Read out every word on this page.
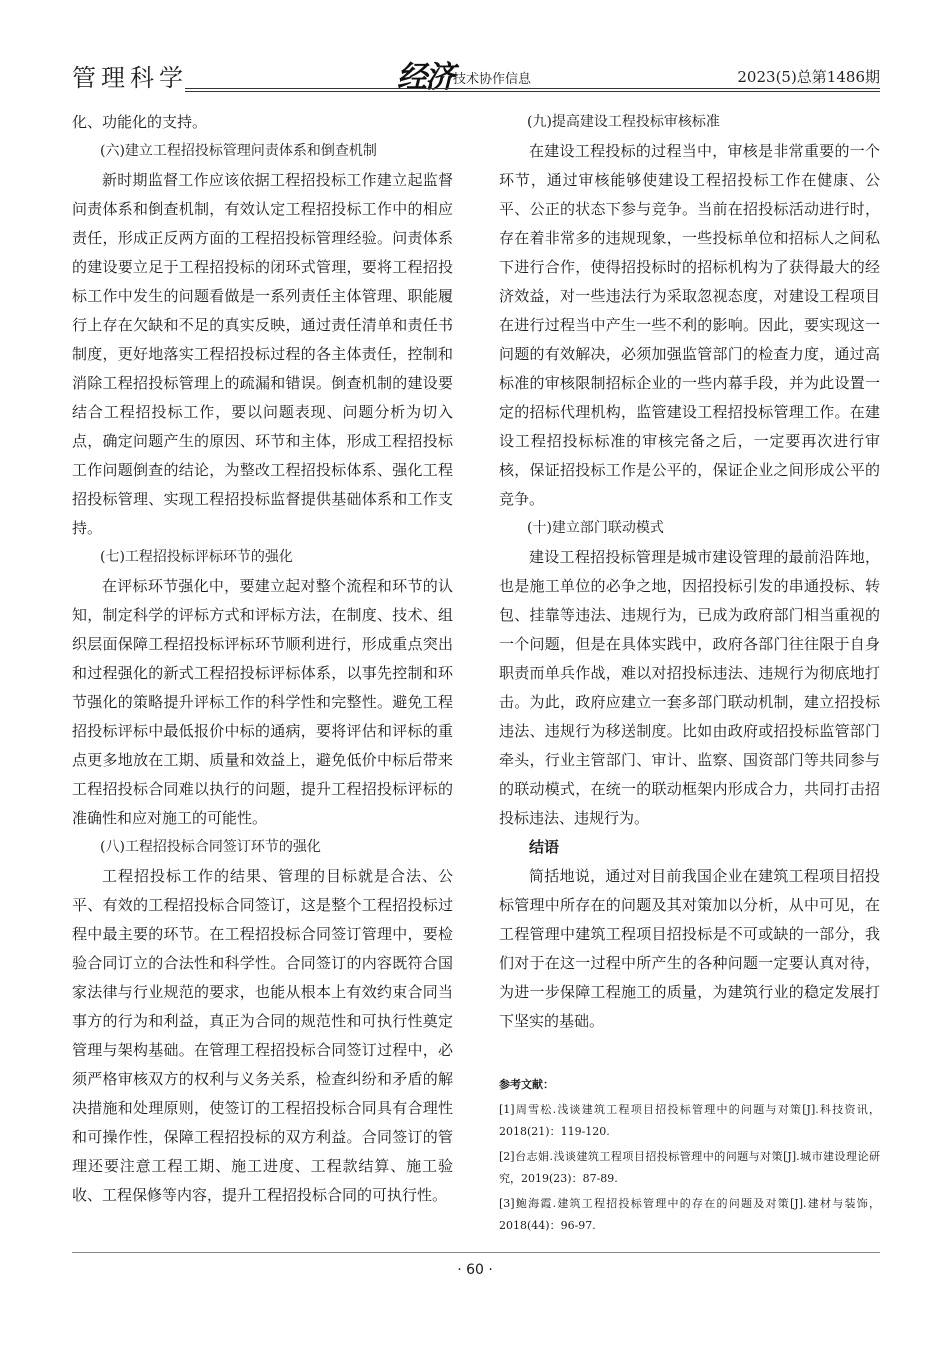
管理科学	经济 技术协作信息	2023(5)总第1486期

化、功能化的支持。

(六)建立工程招投标管理问责体系和倒查机制

新时期监督工作应该依据工程招投标工作建立起监督问责体系和倒查机制，有效认定工程招投标工作中的相应责任，形成正反两方面的工程招投标管理经验。问责体系的建设要立足于工程招投标的闭环式管理，要将工程招投标工作中发生的问题看做是一系列责任主体管理、职能履行上存在欠缺和不足的真实反映，通过责任清单和责任书制度，更好地落实工程招投标过程的各主体责任，控制和消除工程招投标管理上的疏漏和错误。倒查机制的建设要结合工程招投标工作，要以问题表现、问题分析为切入点，确定问题产生的原因、环节和主体，形成工程招投标工作问题倒查的结论，为整改工程招投标体系、强化工程招投标管理、实现工程招投标监督提供基础体系和工作支持。

(七)工程招投标评标环节的强化

在评标环节强化中，要建立起对整个流程和环节的认知，制定科学的评标方式和评标方法，在制度、技术、组织层面保障工程招投标评标环节顺利进行，形成重点突出和过程强化的新式工程招投标评标体系，以事先控制和环节强化的策略提升评标工作的科学性和完整性。避免工程招投标评标中最低报价中标的通病，要将评估和评标的重点更多地放在工期、质量和效益上，避免低价中标后带来工程招投标合同难以执行的问题，提升工程招投标评标的准确性和应对施工的可能性。

(八)工程招投标合同签订环节的强化

工程招投标工作的结果、管理的目标就是合法、公平、有效的工程招投标合同签订，这是整个工程招投标过程中最主要的环节。在工程招投标合同签订管理中，要检验合同订立的合法性和科学性。合同签订的内容既符合国家法律与行业规范的要求，也能从根本上有效约束合同当事方的行为和利益，真正为合同的规范性和可执行性奠定管理与架构基础。在管理工程招投标合同签订过程中，必须严格审核双方的权利与义务关系，检查纠纷和矛盾的解决措施和处理原则，使签订的工程招投标合同具有合理性和可操作性，保障工程招投标的双方利益。合同签订的管理还要注意工程工期、施工进度、工程款结算、施工验收、工程保修等内容，提升工程招投标合同的可执行性。

(九)提高建设工程投标审核标准

在建设工程投标的过程当中，审核是非常重要的一个环节，通过审核能够使建设工程招投标工作在健康、公平、公正的状态下参与竞争。当前在招投标活动进行时，存在着非常多的违规现象，一些投标单位和招标人之间私下进行合作，使得招投标时的招标机构为了获得最大的经济效益，对一些违法行为采取忽视态度，对建设工程项目在进行过程当中产生一些不利的影响。因此，要实现这一问题的有效解决，必须加强监管部门的检查力度，通过高标准的审核限制招标企业的一些内幕手段，并为此设置一定的招标代理机构，监管建设工程招投标管理工作。在建设工程招投标标准的审核完备之后，一定要再次进行审核，保证招投标工作是公平的，保证企业之间形成公平的竞争。

(十)建立部门联动模式

建设工程招投标管理是城市建设管理的最前沿阵地，也是施工单位的必争之地，因招投标引发的串通投标、转包、挂靠等违法、违规行为，已成为政府部门相当重视的一个问题，但是在具体实践中，政府各部门往往限于自身职责而单兵作战，难以对招投标违法、违规行为彻底地打击。为此，政府应建立一套多部门联动机制，建立招投标违法、违规行为移送制度。比如由政府或招投标监管部门牵头，行业主管部门、审计、监察、国资部门等共同参与的联动模式，在统一的联动框架内形成合力，共同打击招投标违法、违规行为。

结语

简括地说，通过对目前我国企业在建筑工程项目招投标管理中所存在的问题及其对策加以分析，从中可见，在工程管理中建筑工程项目招投标是不可或缺的一部分，我们对于在这一过程中所产生的各种问题一定要认真对待，为进一步保障工程施工的质量，为建筑行业的稳定发展打下坚实的基础。

参考文献：

[1]周雪松.浅谈建筑工程项目招投标管理中的问题与对策[J].科技资讯，2018(21)：119-120.

[2]台志娟.浅谈建筑工程项目招投标管理中的问题与对策[J].城市建设理论研究，2019(23)：87-89.

[3]鲍海霞.建筑工程招投标管理中的存在的问题及对策[J].建材与装饰，2018(44)：96-97.

· 60 ·
